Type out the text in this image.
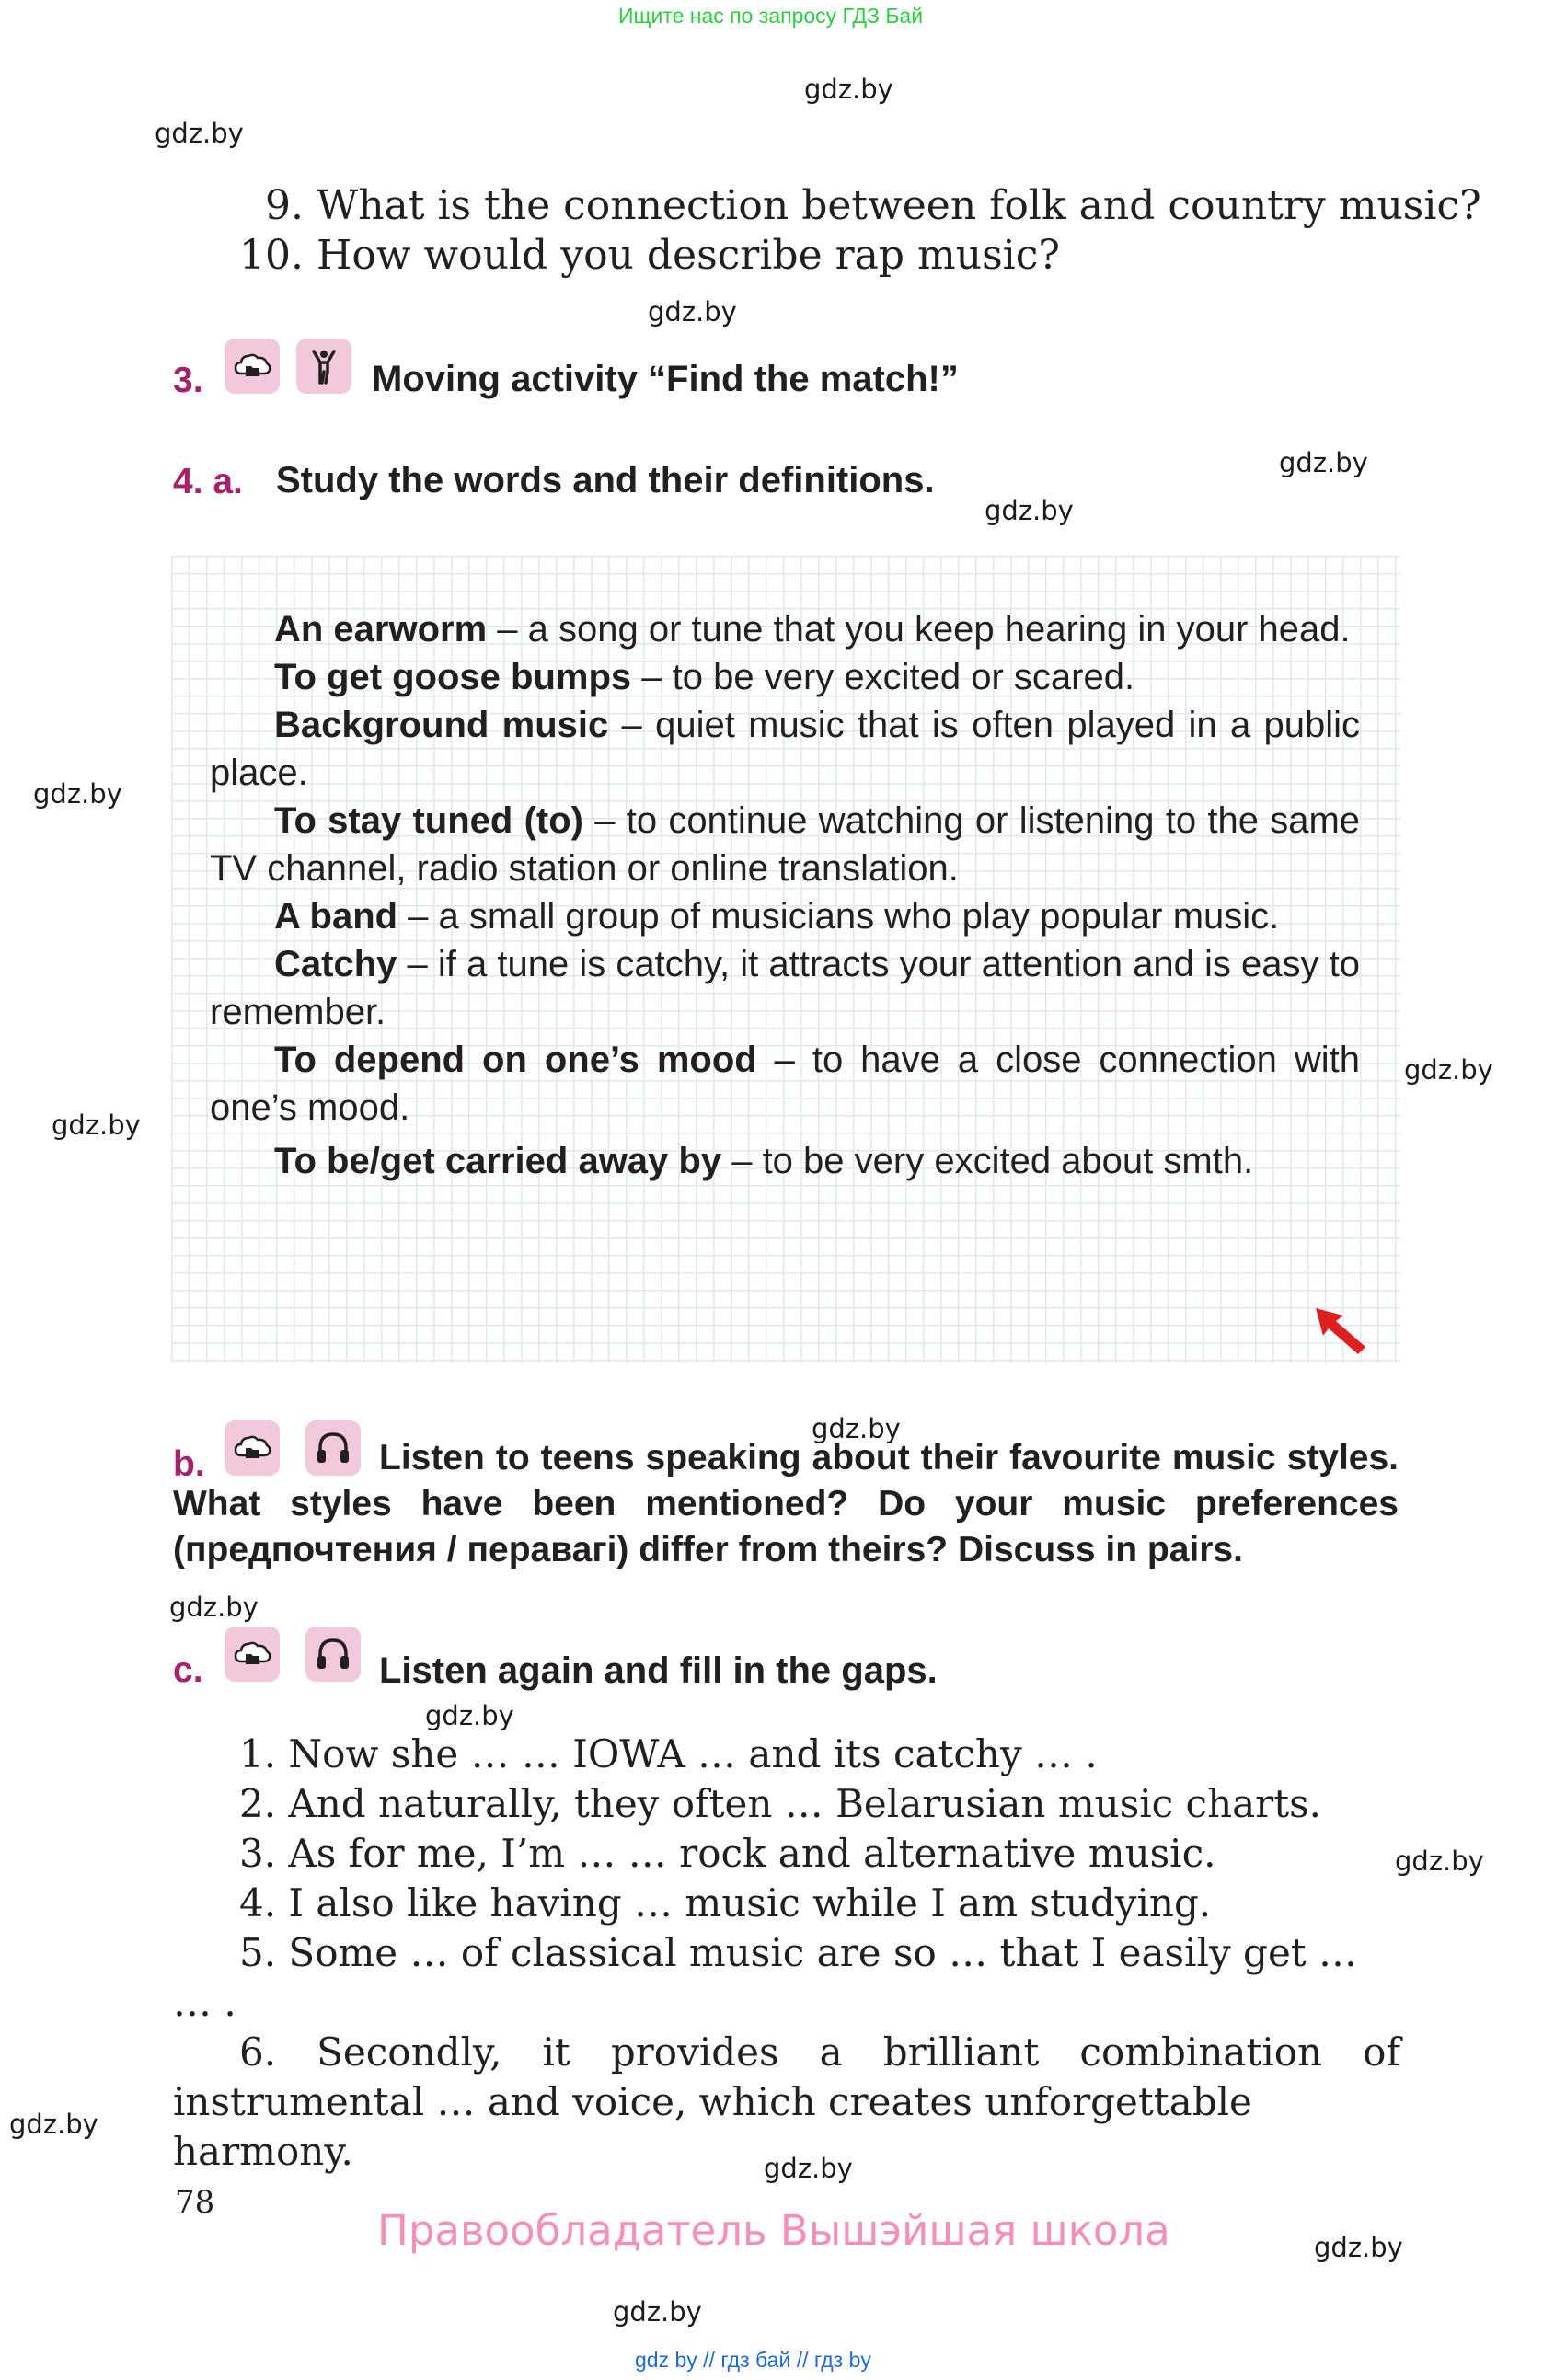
Ищите нас по запросу ГДЗ Бай
gdz.by
gdz.by
gdz.by
gdz.by
gdz.by
gdz.by
gdz.by
gdz.by
gdz.by
gdz.by
gdz.by
gdz.by
gdz.by
gdz.by
gdz.by
gdz.by
9. What is the connection between folk and country music?
10. How would you describe rap music?
3.	Moving activity “Find the match!”
4. a. Study the words and their definitions.

An earworm – a song or tune that you keep hearing in your head.

To get goose bumps – to be very excited or scared.

Background music – quiet music that is often played in a public place.

To stay tuned (to) – to continue watching or listening to the same TV channel, radio station or online translation.

A band – a small group of musicians who play popular music.

Catchy – if a tune is catchy, it attracts your attention and is easy to remember.

To depend on one’s mood – to have a close connection with one’s mood.

To be/get carried away by – to be very excited about smth.

b.	Listen to teens speaking about their favourite music styles. What styles have been mentioned? Do your music preferences (предпочтения / перавагі) differ from theirs? Discuss in pairs.
c.	Listen again and fill in the gaps.
1. Now she … … IOWA … and its catchy … .
2. And naturally, they often … Belarusian music charts.
3. As for me, I’m … … rock and alternative music.
4. I also like having … music while I am studying.
5. Some … of classical music are so … that I easily get … … .
6. Secondly, it provides a brilliant combination of
instrumental … and voice, which creates unforgettable harmony.
78
Правообладатель Вышэйшая школа
gdz by // гдз бай // гдз by
